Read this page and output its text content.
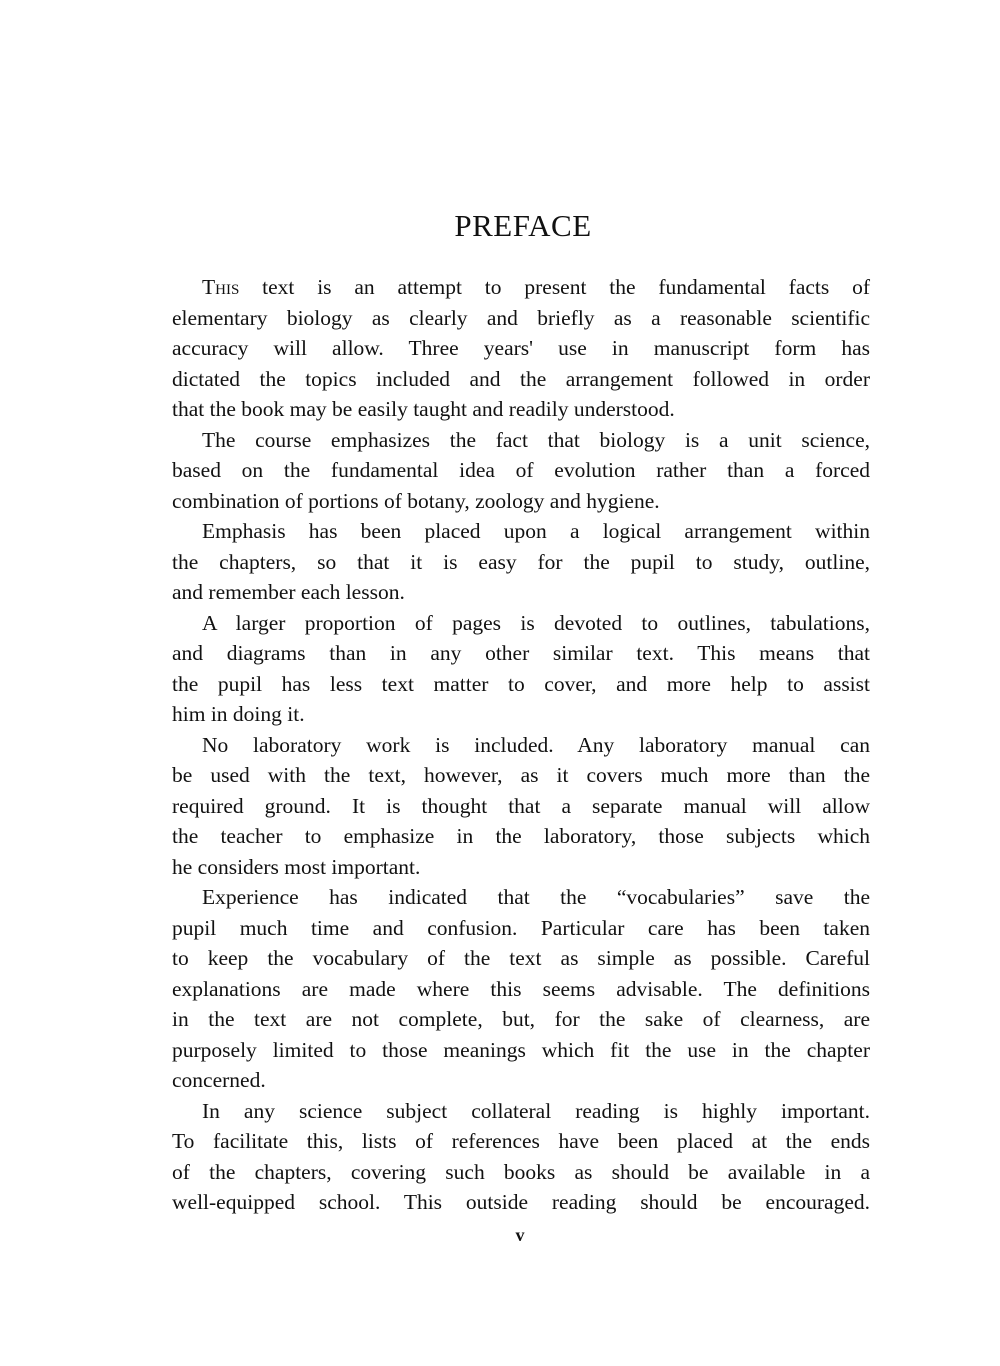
PREFACE

This text is an attempt to present the fundamental facts of
elementary biology as clearly and briefly as a reasonable scientific
accuracy will allow. Three years' use in manuscript form has
dictated the topics included and the arrangement followed in order
that the book may be easily taught and readily understood.

The course emphasizes the fact that biology is a unit science,
based on the fundamental idea of evolution rather than a forced
combination of portions of botany, zoology and hygiene.

Emphasis has been placed upon a logical arrangement within
the chapters, so that it is easy for the pupil to study, outline,
and remember each lesson.

A larger proportion of pages is devoted to outlines, tabulations,
and diagrams than in any other similar text. This means that
the pupil has less text matter to cover, and more help to assist
him in doing it.

No laboratory work is included. Any laboratory manual can
be used with the text, however, as it covers much more than the
required ground. It is thought that a separate manual will allow
the teacher to emphasize in the laboratory, those subjects which
he considers most important.

Experience has indicated that the “vocabularies” save the
pupil much time and confusion. Particular care has been taken
to keep the vocabulary of the text as simple as possible. Careful
explanations are made where this seems advisable. The definitions
in the text are not complete, but, for the sake of clearness, are
purposely limited to those meanings which fit the use in the chapter
concerned.

In any science subject collateral reading is highly important.
To facilitate this, lists of references have been placed at the ends
of the chapters, covering such books as should be available in a
well-equipped school. This outside reading should be encouraged.

v
